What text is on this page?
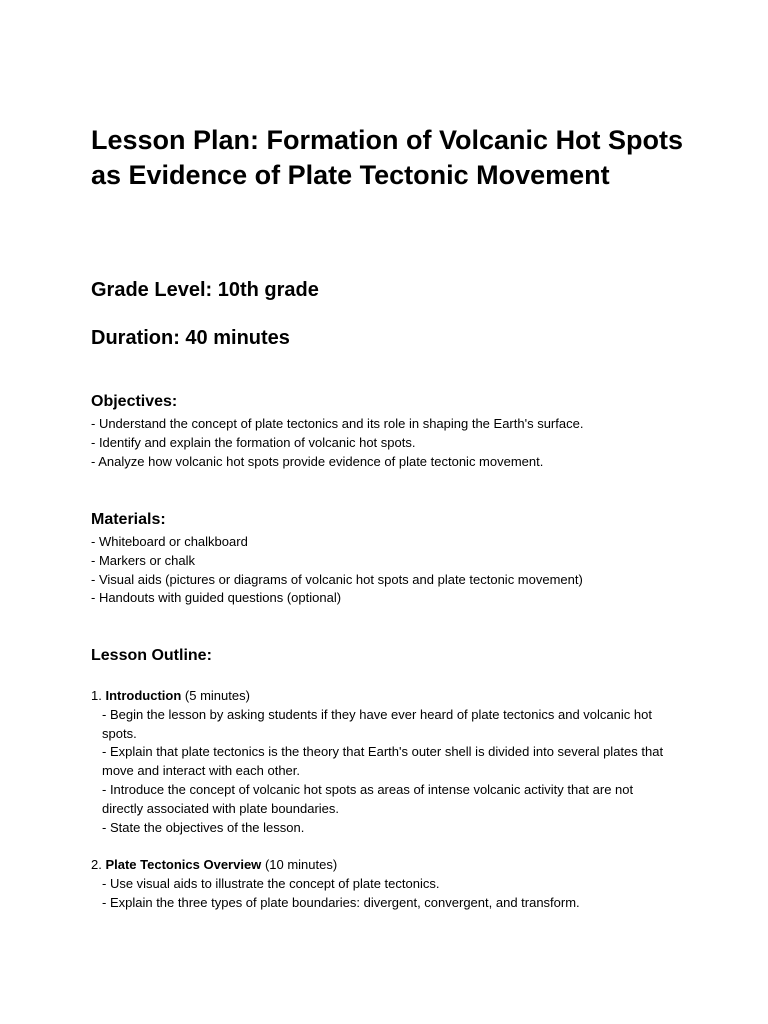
Lesson Plan: Formation of Volcanic Hot Spots as Evidence of Plate Tectonic Movement
Grade Level: 10th grade
Duration: 40 minutes
Objectives:
- Understand the concept of plate tectonics and its role in shaping the Earth's surface.
- Identify and explain the formation of volcanic hot spots.
- Analyze how volcanic hot spots provide evidence of plate tectonic movement.
Materials:
- Whiteboard or chalkboard
- Markers or chalk
- Visual aids (pictures or diagrams of volcanic hot spots and plate tectonic movement)
- Handouts with guided questions (optional)
Lesson Outline:
1. Introduction (5 minutes)
- Begin the lesson by asking students if they have ever heard of plate tectonics and volcanic hot spots.
- Explain that plate tectonics is the theory that Earth's outer shell is divided into several plates that move and interact with each other.
- Introduce the concept of volcanic hot spots as areas of intense volcanic activity that are not directly associated with plate boundaries.
- State the objectives of the lesson.
2. Plate Tectonics Overview (10 minutes)
- Use visual aids to illustrate the concept of plate tectonics.
- Explain the three types of plate boundaries: divergent, convergent, and transform.
